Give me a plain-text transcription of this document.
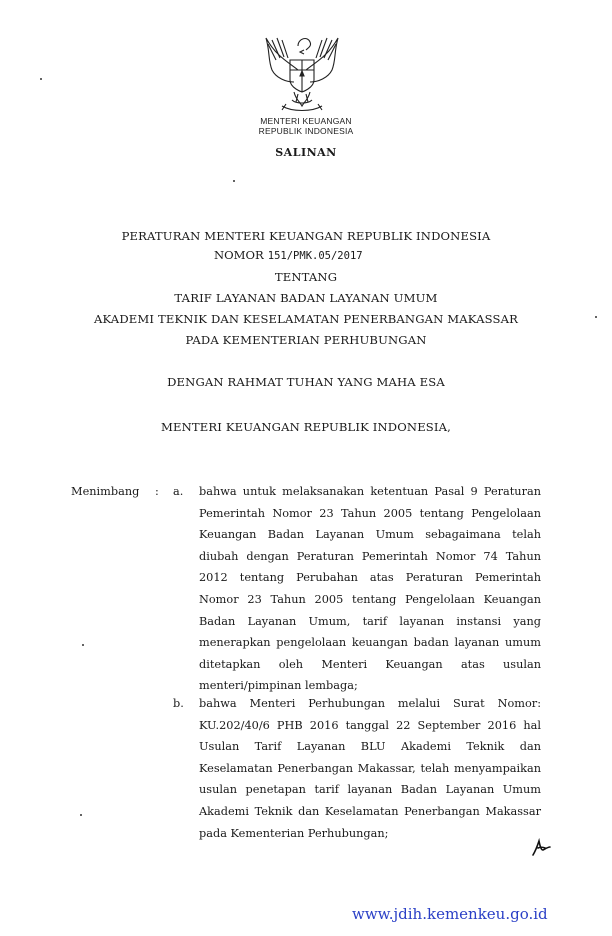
MENTERI KEUANGAN
REPUBLIK INDONESIA
SALINAN
PERATURAN MENTERI KEUANGAN REPUBLIK INDONESIA
NOMOR 151/PMK.05/2017
TENTANG
TARIF LAYANAN BADAN LAYANAN UMUM
AKADEMI TEKNIK DAN KESELAMATAN PENERBANGAN MAKASSAR
PADA KEMENTERIAN PERHUBUNGAN
DENGAN RAHMAT TUHAN YANG MAHA ESA
MENTERI KEUANGAN REPUBLIK INDONESIA,
Menimbang : a. bahwa untuk melaksanakan ketentuan Pasal 9 Peraturan Pemerintah Nomor 23 Tahun 2005 tentang Pengelolaan Keuangan Badan Layanan Umum sebagaimana telah diubah dengan Peraturan Pemerintah Nomor 74 Tahun 2012 tentang Perubahan atas Peraturan Pemerintah Nomor 23 Tahun 2005 tentang Pengelolaan Keuangan Badan Layanan Umum, tarif layanan instansi yang menerapkan pengelolaan keuangan badan layanan umum ditetapkan oleh Menteri Keuangan atas usulan menteri/pimpinan lembaga;
b. bahwa Menteri Perhubungan melalui Surat Nomor: KU.202/40/6 PHB 2016 tanggal 22 September 2016 hal Usulan Tarif Layanan BLU Akademi Teknik dan Keselamatan Penerbangan Makassar, telah menyampaikan usulan penetapan tarif layanan Badan Layanan Umum Akademi Teknik dan Keselamatan Penerbangan Makassar pada Kementerian Perhubungan;
www.jdih.kemenkeu.go.id
